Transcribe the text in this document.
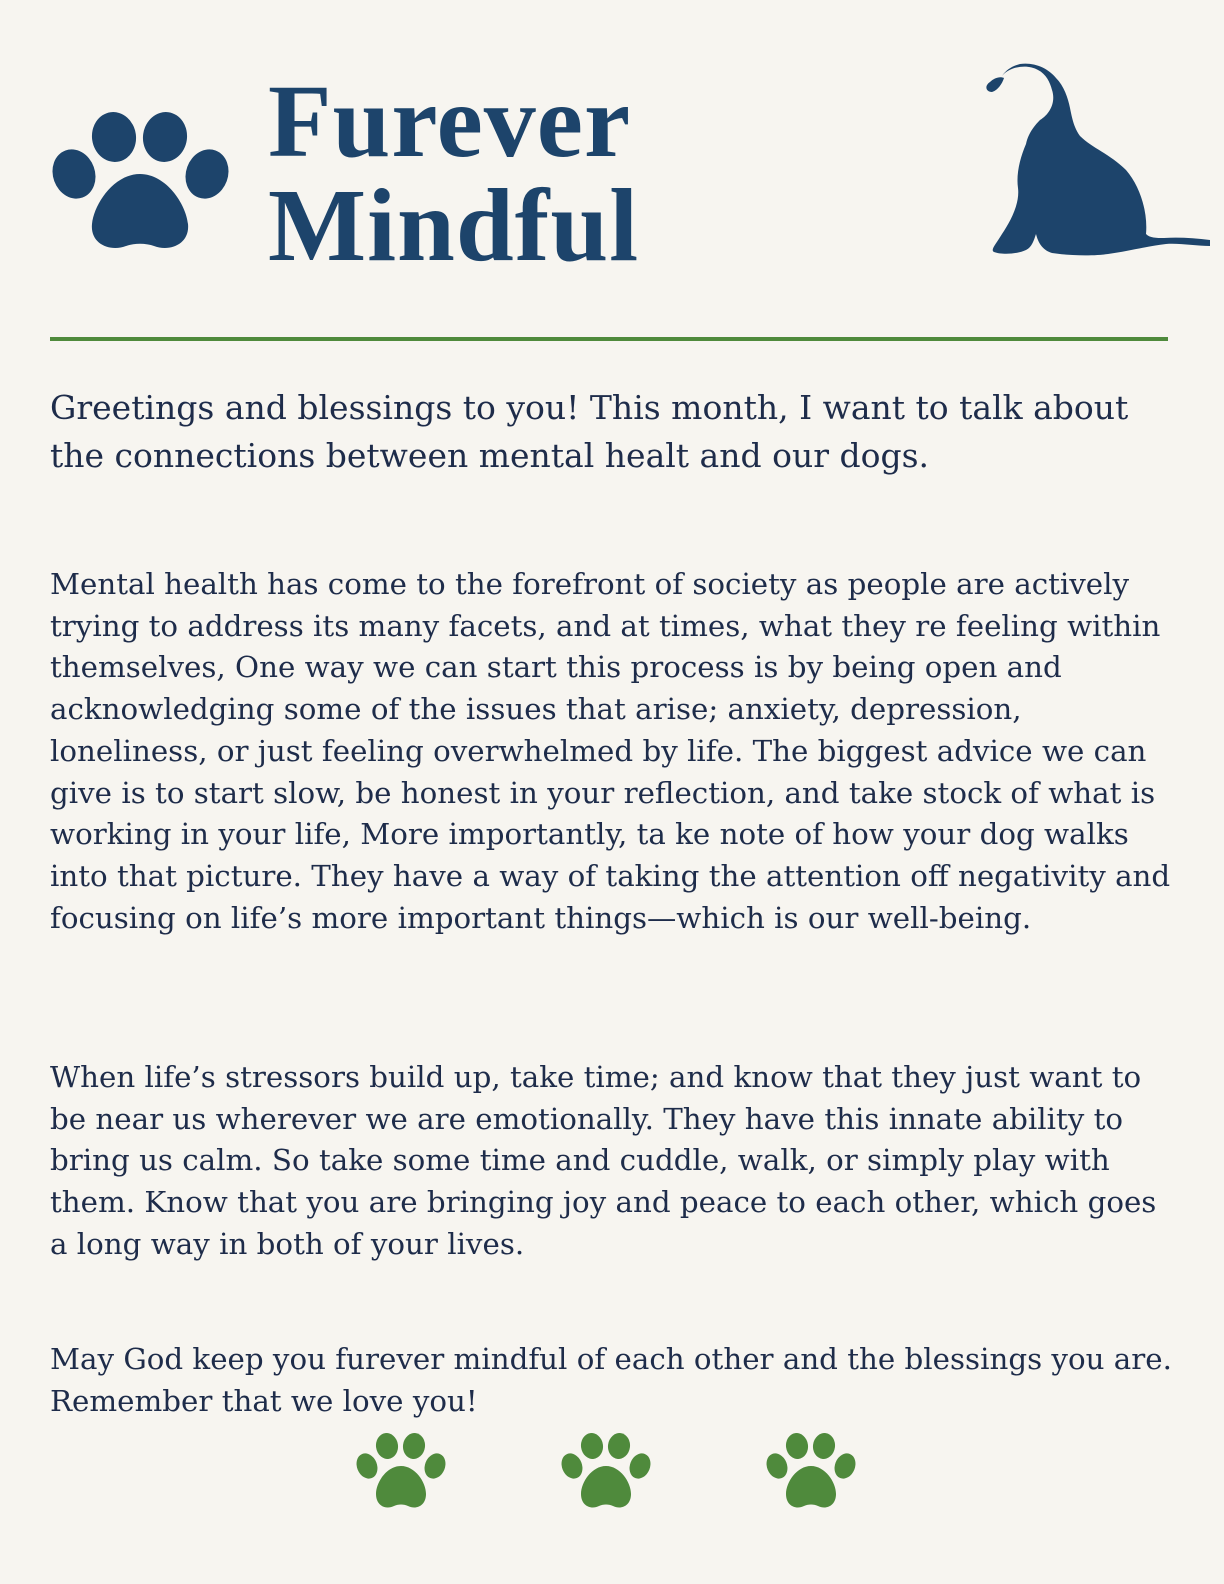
Furever
Mindful

Greetings and blessings to you! This month, I want to talk about the connections between mental healt and our dogs.

Mental health has come to the forefront of society as people are actively trying to address its many facets, and at times, what they re feeling within themselves, One way we can start this process is by being open and acknowledging some of the issues that arise; anxiety, depression, loneliness, or just feeling overwhelmed by life. The biggest advice we can give is to start slow, be honest in your reflection, and take stock of what is working in your life, More importantly, ta ke note of how your dog walks into that picture. They have a way of taking the attention off negativity and focusing on life’s more important things—which is our well-being.

When life’s stressors build up, take time; and know that they just want to be near us wherever we are emotionally. They have this innate ability to bring us calm. So take some time and cuddle, walk, or simply play with them. Know that you are bringing joy and peace to each other, which goes a long way in both of your lives.

May God keep you furever mindful of each other and the blessings you are. Remember that we love you!
